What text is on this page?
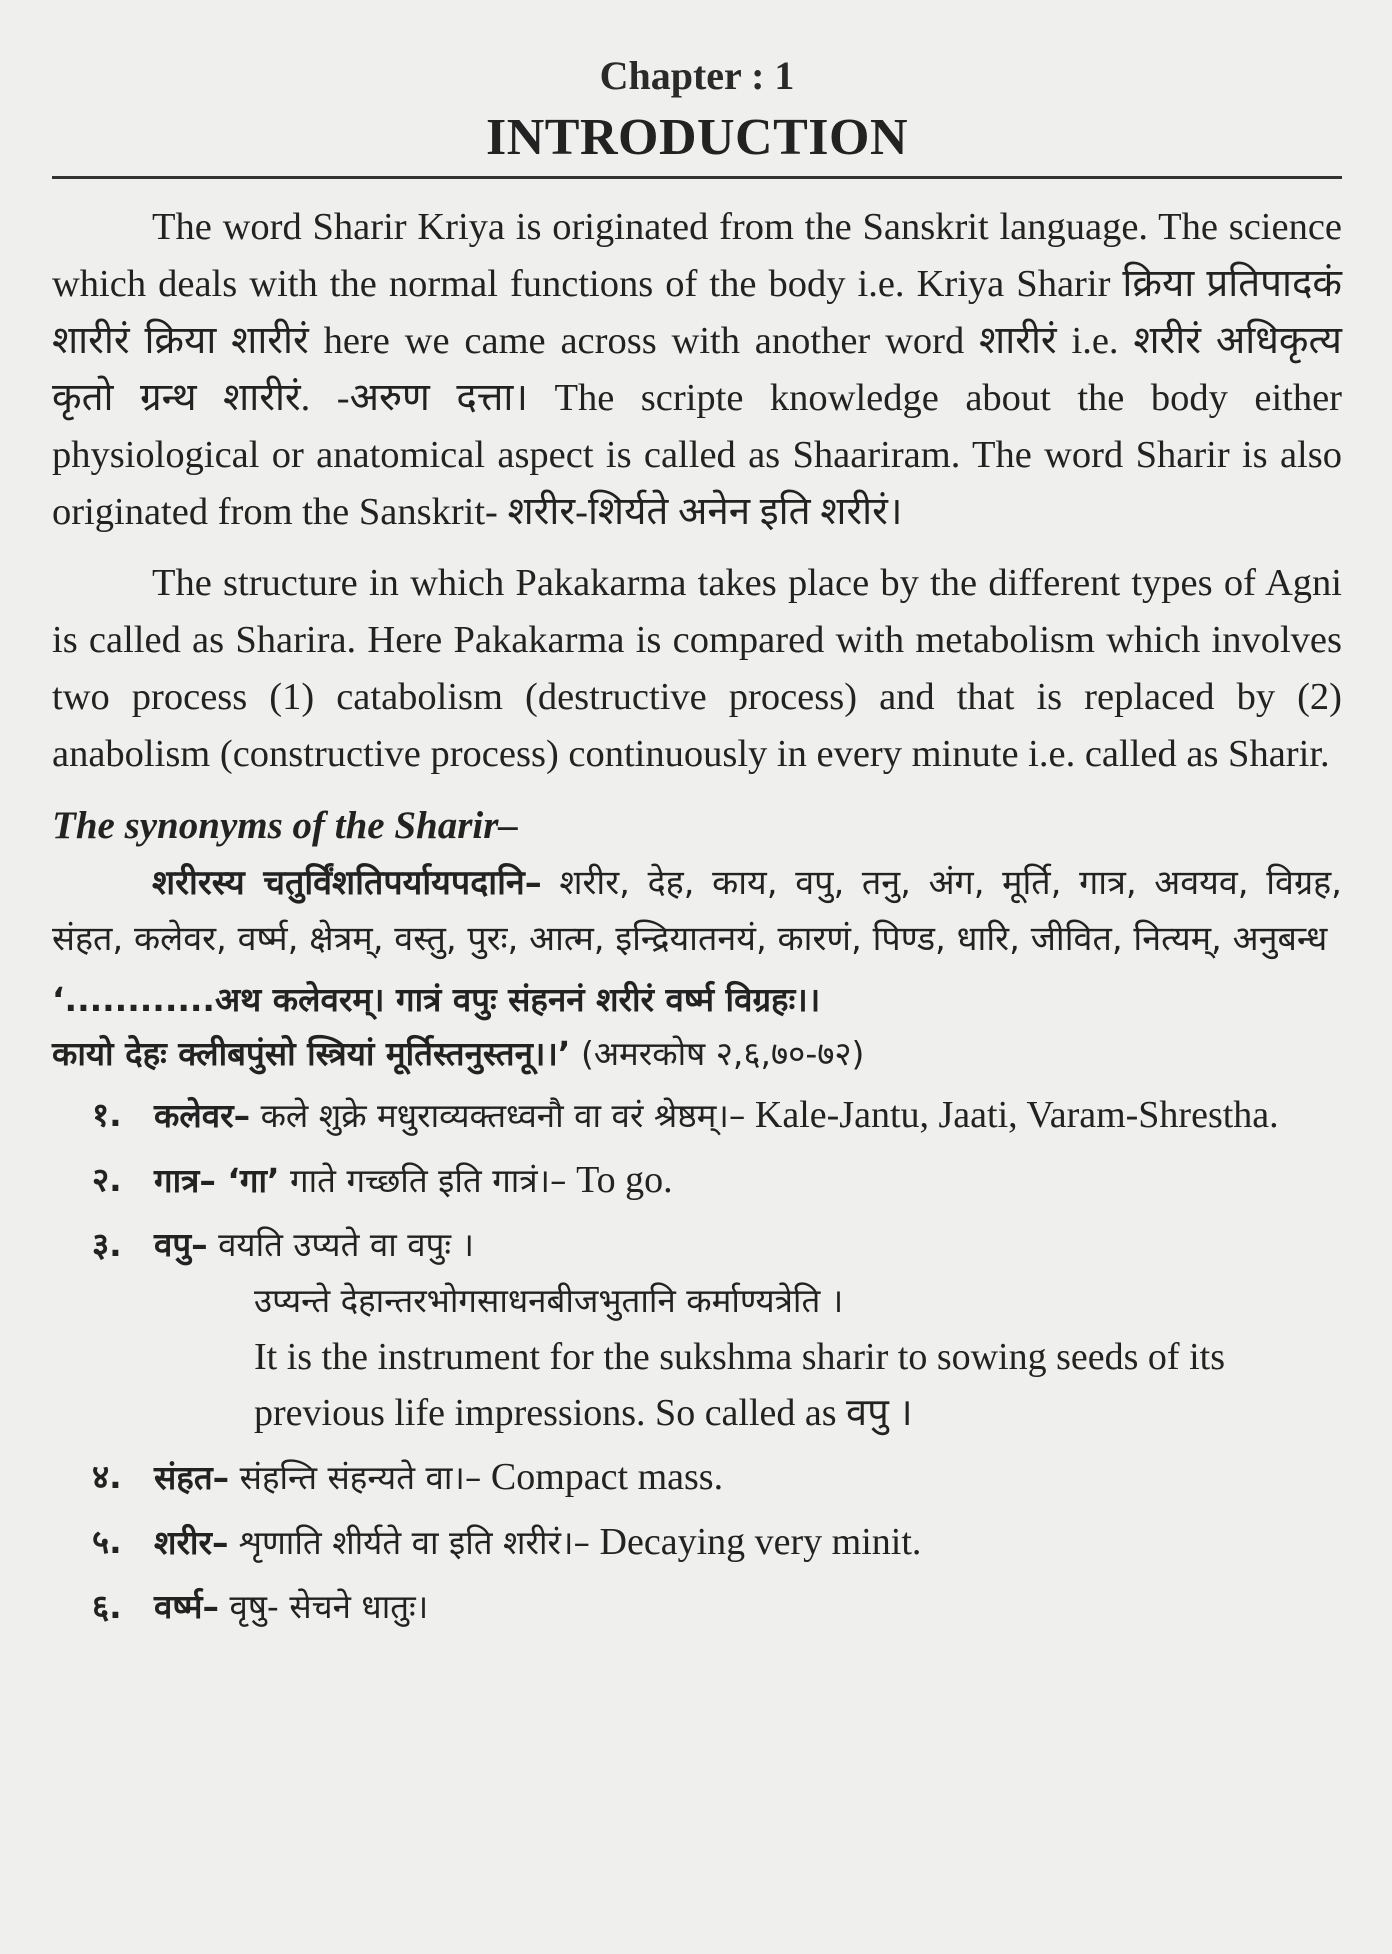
Chapter : 1
INTRODUCTION

The word Sharir Kriya is originated from the Sanskrit language. The science which deals with the normal functions of the body i.e. Kriya Sharir क्रिया प्रतिपादकं शारीरं क्रिया शारीरं here we came across with another word शारीरं i.e. शरीरं अधिकृत्य कृतो ग्रन्थ शारीरं. -अरुण दत्ता। The scripte knowledge about the body either physiological or anatomical aspect is called as Shaariram. The word Sharir is also originated from the Sanskrit- शरीर-शिर्यते अनेन इति शरीरं।

The structure in which Pakakarma takes place by the different types of Agni is called as Sharira. Here Pakakarma is compared with metabolism which involves two process (1) catabolism (destructive process) and that is replaced by (2) anabolism (constructive process) continuously in every minute i.e. called as Sharir.

The synonyms of the Sharir–
शरीरस्य चतुर्विंशतिपर्यायपदानि– शरीर, देह, काय, वपु, तनु, अंग, मूर्ति, गात्र, अवयव, विग्रह, संहत, कलेवर, वर्ष्म, क्षेत्रम्, वस्तु, पुरः, आत्म, इन्द्रियातनयं, कारणं, पिण्ड, धारि, जीवित, नित्यम्, अनुबन्ध
‘............अथ कलेवरम्। गात्रं वपुः संहननं शरीरं वर्ष्म विग्रहः।।
कायो देहः क्लीबपुंसो स्त्रियां मूर्तिस्तनुस्तनू।।’ (अमरकोष २,६,७०-७२)
१. कलेवर– कले शुक्रे मधुराव्यक्तध्वनौ वा वरं श्रेष्ठम्।– Kale-Jantu, Jaati, Varam-Shrestha.
२. गात्र– ‘गा’ गाते गच्छति इति गात्रं।– To go.
३. वपु– वयति उप्यते वा वपुः ।
उप्यन्ते देहान्तरभोगसाधनबीजभुतानि कर्माण्यत्रेति ।
It is the instrument for the sukshma sharir to sowing seeds of its previous life impressions. So called as वपु ।
४. संहत– संहन्ति संहन्यते वा।– Compact mass.
५. शरीर– शृणाति शीर्यते वा इति शरीरं।– Decaying very minit.
६. वर्ष्म– वृषु- सेचने धातुः।
